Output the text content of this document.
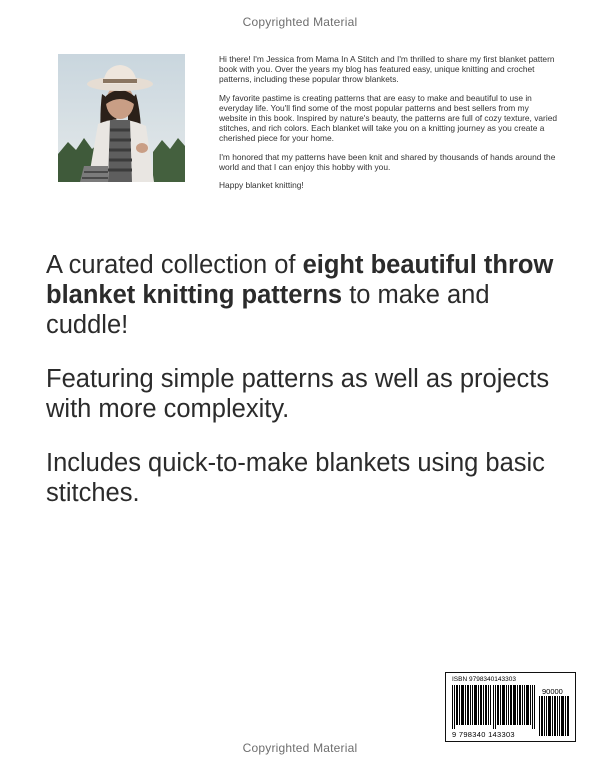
Copyrighted Material

Hi there! I'm Jessica from Mama In A Stitch and I'm thrilled to share my first blanket pattern book with you. Over the years my blog has featured easy, unique knitting and crochet patterns, including these popular throw blankets.

My favorite pastime is creating patterns that are easy to make and beautiful to use in everyday life. You'll find some of the most popular patterns and best sellers from my website in this book. Inspired by nature's beauty, the patterns are full of cozy texture, varied stitches, and rich colors. Each blanket will take you on a knitting journey as you create a cherished piece for your home.

I'm honored that my patterns have been knit and shared by thousands of hands around the world and that I can enjoy this hobby with you.

Happy blanket knitting!

A curated collection of eight beautiful throw blanket knitting patterns to make and cuddle!

Featuring simple patterns as well as projects with more complexity.

Includes quick-to-make blankets using basic stitches.

ISBN 9798340143303
90000
9 798340 143303
Copyrighted Material
